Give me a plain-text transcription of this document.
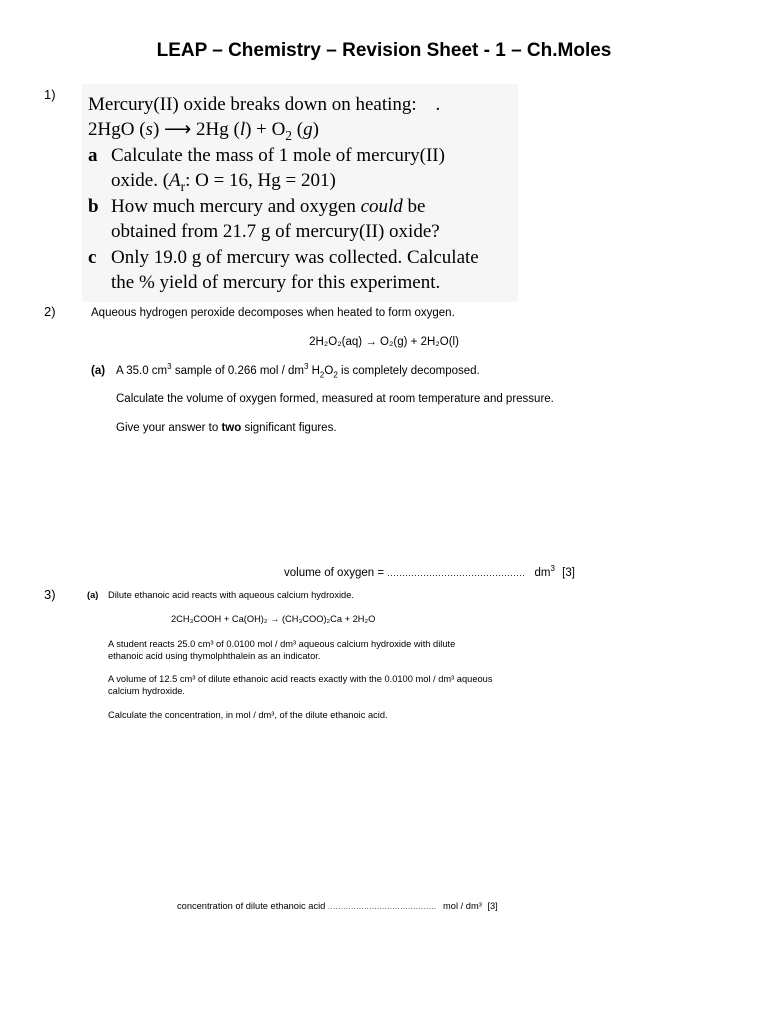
LEAP – Chemistry – Revision Sheet - 1 – Ch.Moles
1) Mercury(II) oxide breaks down on heating: .
2HgO (s) ⟶ 2Hg $(l) + O_2$ (g)
a Calculate the mass of 1 mole of mercury(II)
oxide. ($A_r$: O = 16, Hg = 201)
b How much mercury and oxygen could be
obtained from 21.7 g of mercury(II) oxide?
c Only 19.0 g of mercury was collected. Calculate
the % yield of mercury for this experiment.
2)	Aqueous hydrogen peroxide decomposes when heated to form oxygen.
2H₂O₂(aq) → O₂(g) + 2H₂O(l)
(a) A 35.0 $cm^3$ sample of 0.266 mol / $dm^3$ $H_2O_2$ is completely decomposed.
Calculate the volume of oxygen formed, measured at room temperature and pressure.
Give your answer to two significant figures.
volume of oxygen = .............................................. $dm^3$ [3]
3)	(a) Dilute ethanoic acid reacts with aqueous calcium hydroxide.
2CH₃COOH + Ca(OH)₂ → (CH₃COO)₂Ca + 2H₂O
A student reacts 25.0 cm³ of 0.0100 mol / dm³ aqueous calcium hydroxide with dilute
ethanoic acid using thymolphthalein as an indicator.
A volume of 12.5 cm³ of dilute ethanoic acid reacts exactly with the 0.0100 mol / dm³ aqueous
calcium hydroxide.
Calculate the concentration, in mol / dm³, of the dilute ethanoic acid.
concentration of dilute ethanoic acid .......................................... mol / dm³ [3]
